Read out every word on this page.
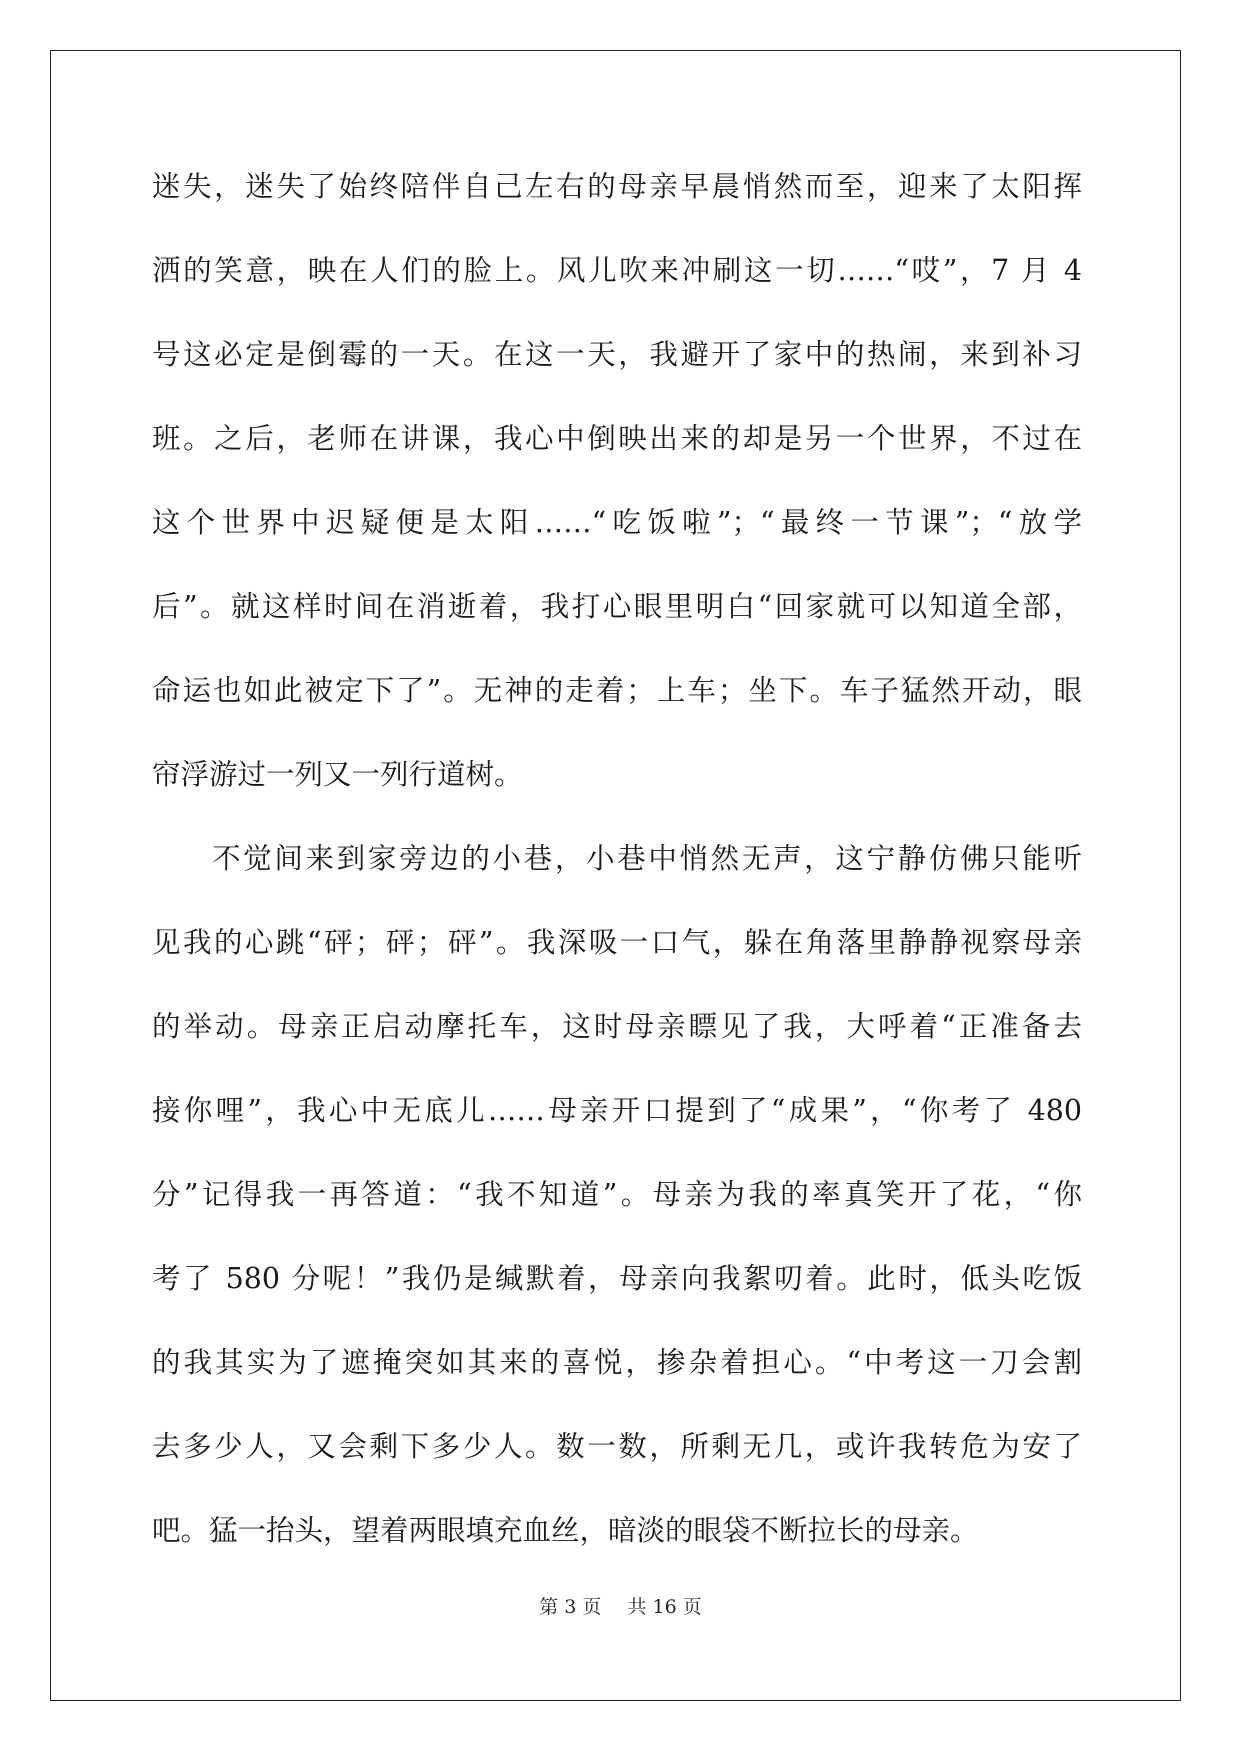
迷失，迷失了始终陪伴自己左右的母亲早晨悄然而至，迎来了太阳挥
洒的笑意，映在人们的脸上。风儿吹来冲刷这一切……“哎”，7 月 4
号这必定是倒霉的一天。在这一天，我避开了家中的热闹，来到补习
班。之后，老师在讲课，我心中倒映出来的却是另一个世界，不过在
这个世界中迟疑便是太阳……“吃饭啦”；“最终一节课”；“放学
后”。就这样时间在消逝着，我打心眼里明白“回家就可以知道全部，
命运也如此被定下了”。无神的走着；上车；坐下。车子猛然开动，眼
帘浮游过一列又一列行道树。
不觉间来到家旁边的小巷，小巷中悄然无声，这宁静仿佛只能听
见我的心跳“砰；砰；砰”。我深吸一口气，躲在角落里静静视察母亲
的举动。母亲正启动摩托车，这时母亲瞟见了我，大呼着“正准备去
接你哩”，我心中无底儿……母亲开口提到了“成果”，“你考了 480
分”记得我一再答道：“我不知道”。母亲为我的率真笑开了花，“你
考了 580 分呢！”我仍是缄默着，母亲向我絮叨着。此时，低头吃饭
的我其实为了遮掩突如其来的喜悦，掺杂着担心。“中考这一刀会割
去多少人，又会剩下多少人。数一数，所剩无几，或许我转危为安了
吧。猛一抬头，望着两眼填充血丝，暗淡的眼袋不断拉长的母亲。
第 3 页 共 16 页
